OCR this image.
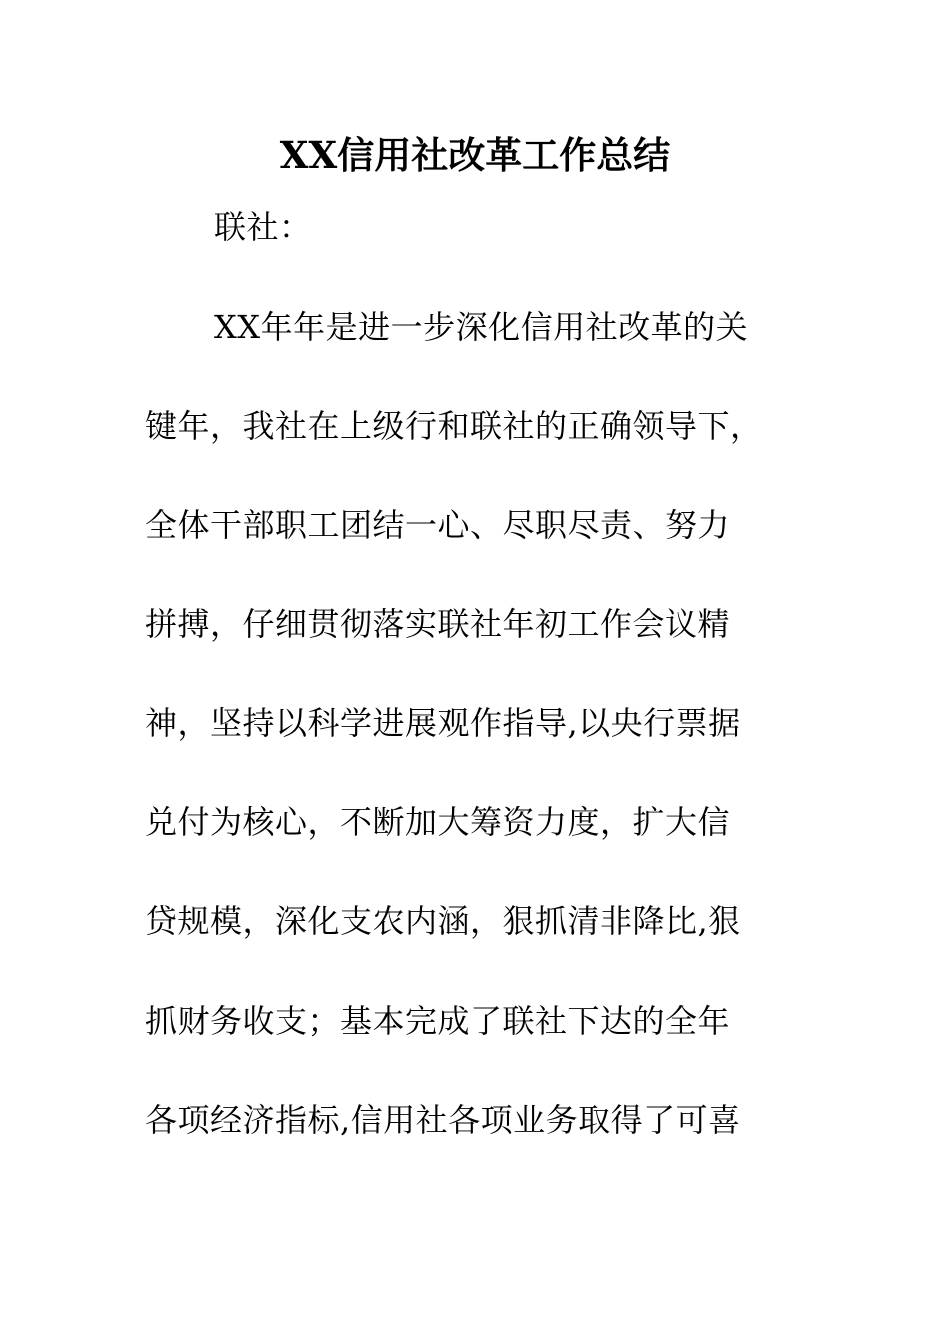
XX信用社改革工作总结
联社：
XX年年是进一步深化信用社改革的关
键年，我社在上级行和联社的正确领导下，
全体干部职工团结一心、尽职尽责、努力
拼搏，仔细贯彻落实联社年初工作会议精
神，坚持以科学进展观作指导,以央行票据
兑付为核心，不断加大筹资力度，扩大信
贷规模，深化支农内涵，狠抓清非降比,狠
抓财务收支；基本完成了联社下达的全年
各项经济指标,信用社各项业务取得了可喜
